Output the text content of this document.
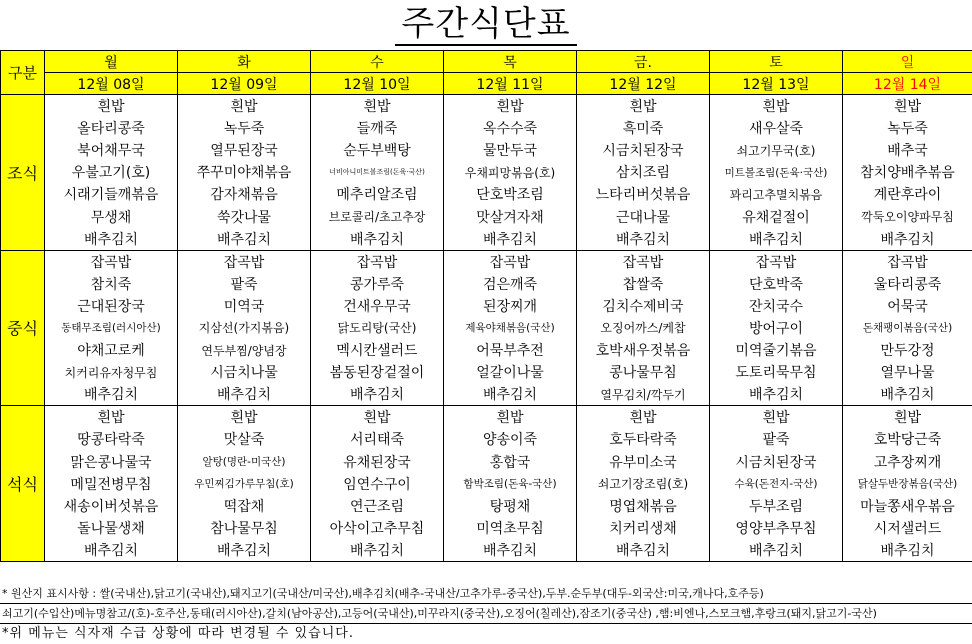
주간식단표
구분	월	화	수	목	금.	토	일
	12월 08일	12월 09일	12월 10일	12월 11일	12월 12일	12월 13일	12월 14일
조식	흰밥	흰밥	흰밥	흰밥	흰밥	흰밥	흰밥
	올타리콩죽	녹두죽	들깨죽	옥수수죽	흑미죽	새우살죽	녹두죽
	북어채무국	열무된장국	순두부백탕	물만두국	시금치된장국	쇠고기무국(호)	배추국
	우불고기(호)	쭈꾸미야채볶음	너비아니미트볼조림(돈육·국산)	우채피망볶음(호)	삼치조림	미트볼조림(돈육·국산)	참치양배추볶음
	시래기들깨볶음	감자채볶음	메추리알조림	단호박조림	느타리버섯볶음	꽈리고추멸치볶음	계란후라이
	무생채	쑥갓나물	브로콜리/초고추장	맛살겨자채	근대나물	유채겉절이	깍둑오이양파무침
	배추김치	배추김치	배추김치	배추김치	배추김치	배추김치	배추김치
중식	잡곡밥	잡곡밥	잡곡밥	잡곡밥	잡곡밥	잡곡밥	잡곡밥
	참치죽	팥죽	콩가루죽	검은깨죽	찹쌀죽	단호박죽	울타리콩죽
	근대된장국	미역국	건새우무국	된장찌개	김치수제비국	잔치국수	어묵국
	동태무조림(러시아산)	지삼선(가지볶음)	닭도리탕(국산)	제육야채볶음(국산)	오징어까스/케찹	방어구이	돈채팽이볶음(국산)
	야채고로케	연두부찜/양념장	멕시칸샐러드	어묵부추전	호박새우젓볶음	미역줄기볶음	만두강정
	치커리유자청무침	시금치나물	봄동된장겉절이	얼갈이나물	콩나물무침	도토리묵무침	열무나물
	배추김치	배추김치	배추김치	배추김치	열무김치/깍두기	배추김치	배추김치
석식	흰밥	흰밥	흰밥	흰밥	흰밥	흰밥	흰밥
	땅콩타락죽	맛살죽	서리태죽	양송이죽	호두타락죽	팥죽	호박당근죽
	맑은콩나물국	알탕(명란-미국산)	유채된장국	홍합국	유부미소국	시금치된장국	고추장찌개
	메밀전병무침	우민찌김가루무침(호)	임연수구이	함박조림(돈육-국산)	쇠고기장조림(호)	수육(돈전지-국산)	닭살두반장볶음(국산)
	새송이버섯볶음	떡잡채	연근조림	탕평채	명엽채볶음	두부조림	마늘쫑새우볶음
	돌나물생채	참나물무침	아삭이고추무침	미역초무침	치커리생채	영양부추무침	시저샐러드
	배추김치	배추김치	배추김치	배추김치	배추김치	배추김치	배추김치
* 원산지 표시사항 : 쌀(국내산),닭고기(국내산),돼지고기(국내산/미국산),배추김치(배추-국내산/고추가루-중국산),두부.순두부(대두-외국산:미국,캐나다,호주등)
쇠고기(수입산)메뉴명참고/(호)-호주산,동태(러시아산),갈치(남아공산),고등어(국내산),미꾸라지(중국산),오징어(칠레산),잠조기(중국산) ,햄:비엔나,스모크햄,후랑크(돼지,닭고기-국산)
*위 메뉴는 식자재 수급 상황에 따라 변경될 수 있습니다.
